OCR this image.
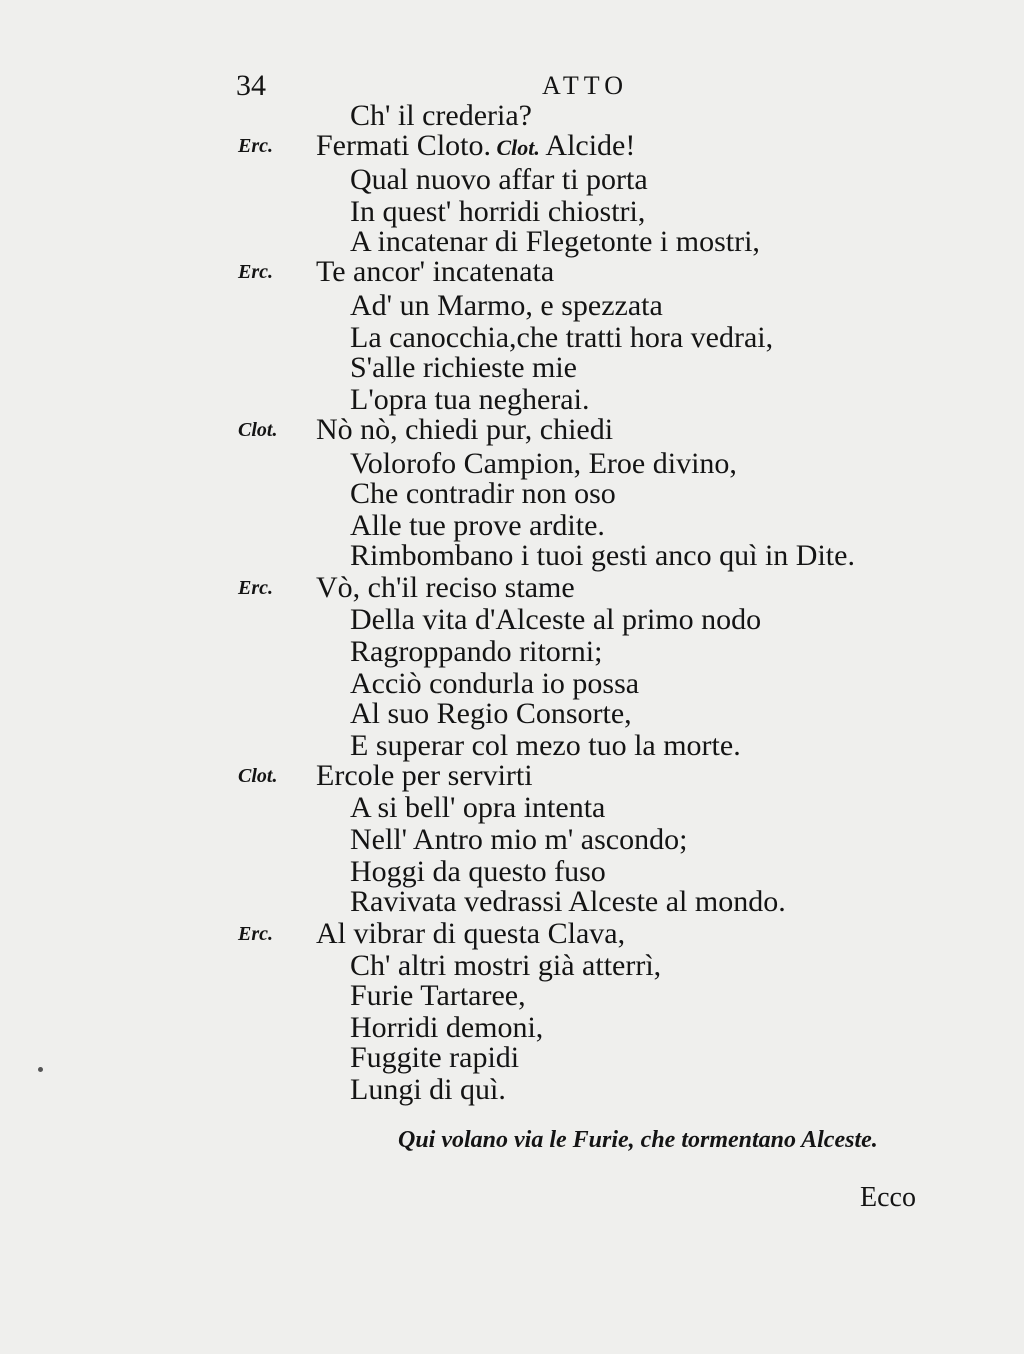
34	ATTO
Ch' il crederia?
Erc. Fermati Cloto. Clot. Alcide!
Qual nuovo affar ti porta
In quest' horridi chiostri,
A incatenar di Flegetonte i mostri,
Erc. Te ancor' incatenata
Ad' un Marmo, e spezzata
La canocchia,che tratti hora vedrai,
S'alle richieste mie
L'opra tua negherai.
Clot. Nò nò, chiedi pur, chiedi
Volorofo Campion, Eroe divino,
Che contradir non oso
Alle tue prove ardite.
Rimbombano i tuoi gesti anco quì in Dite.
Erc. Vò, ch'il reciso stame
Della vita d'Alceste al primo nodo
Ragroppando ritorni;
Acciò condurla io possa
Al suo Regio Consorte,
E superar col mezo tuo la morte.
Clot. Ercole per servirti
A si bell' opra intenta
Nell' Antro mio m' ascondo;
Hoggi da questo fuso
Ravivata vedrassi Alceste al mondo.
Erc. Al vibrar di questa Clava,
Ch' altri mostri già atterrì,
Furie Tartaree,
Horridi demoni,
Fuggite rapidi
Lungi di quì.
Qui volano via le Furie, che tormentano Alceste.
Ecco
